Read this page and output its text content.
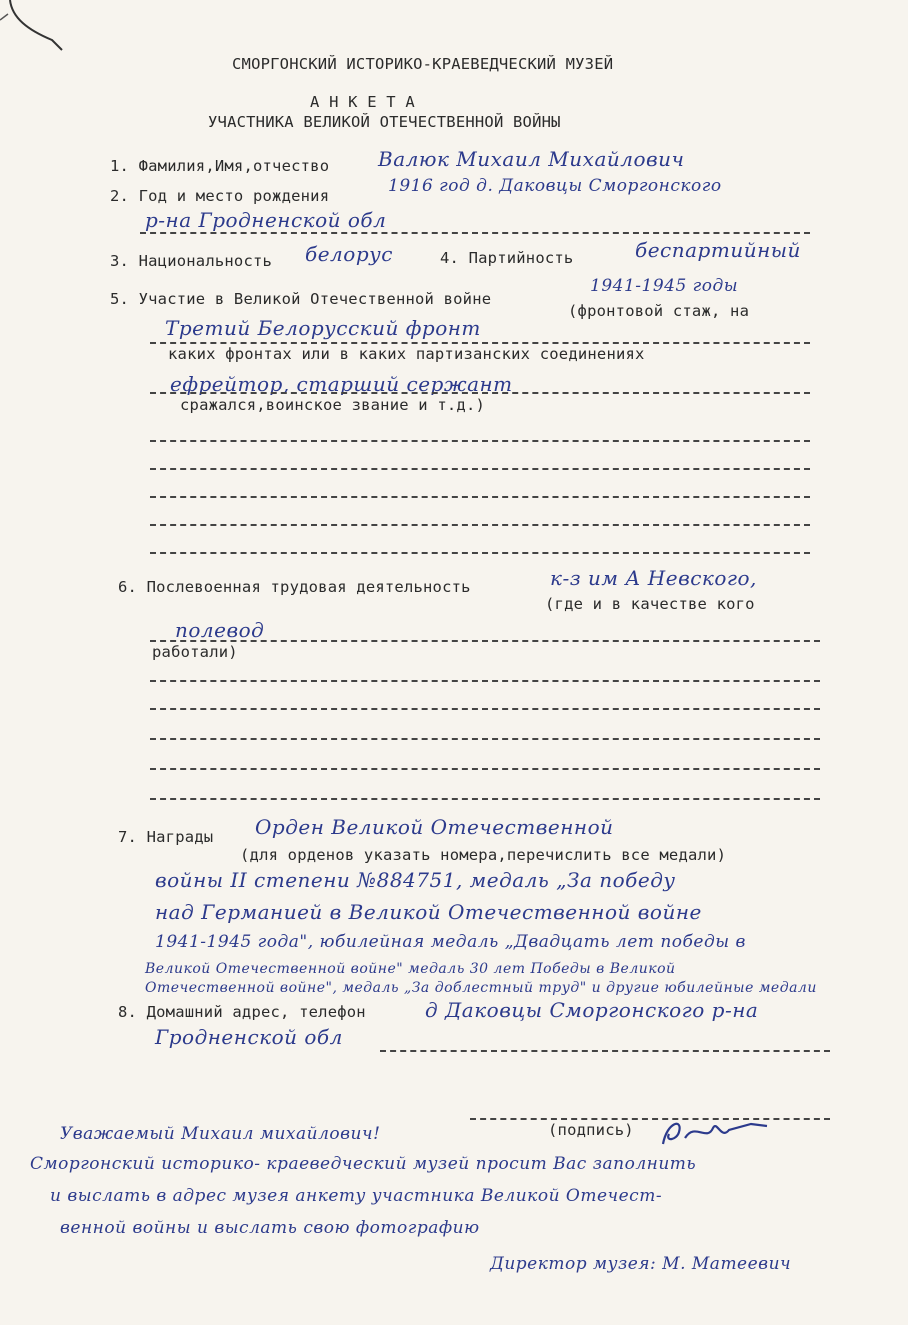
СМОРГОНСКИЙ ИСТОРИКО-КРАЕВЕДЧЕСКИЙ МУЗЕЙ
А Н К Е Т А
УЧАСТНИКА ВЕЛИКОЙ ОТЕЧЕСТВЕННОЙ ВОЙНЫ
1. Фамилия,Имя,отчество Валюк Михаил Михайлович
2. Год и место рождения	1916 год д. Даковцы Сморгонского
р-на Гродненской обл
3. Национальность белорус	4. Партийность	беспартийный
5. Участие в Великой Отечественной войне
1941-1945 годы
(фронтовой стаж, на
Третий Белорусский фронт
каких фронтах или в каких партизанских соединениях
ефрейтор, старший сержант
сражался,воинское звание и т.д.)
6. Послевоенная трудовая деятельность	к-з им А Невского,
(где и в качестве кого
полевод
работали)
7. Награды Орден Великой Отечественной
(для орденов указать номера,перечислить все медали)
войны II степени №884751, медаль „За победу
над Германией в Великой Отечественной войне
1941-1945 года", юбилейная медаль „Двадцать лет победы в
Великой Отечественной войне" медаль 30 лет Победы в Великой
Отечественной войне", медаль „За доблестный труд" и другие юбилейные медали
8. Домашний адрес, телефон	д Даковцы Сморгонского р-на
Гродненской обл
(подпись)
Уважаемый Михаил михайлович!
Сморгонский историко- краеведческий музей просит Вас заполнить
и выслать в адрес музея анкету участника Великой Отечест-
венной войны и выслать свою фотографию
Директор музея: М. Матеевич
